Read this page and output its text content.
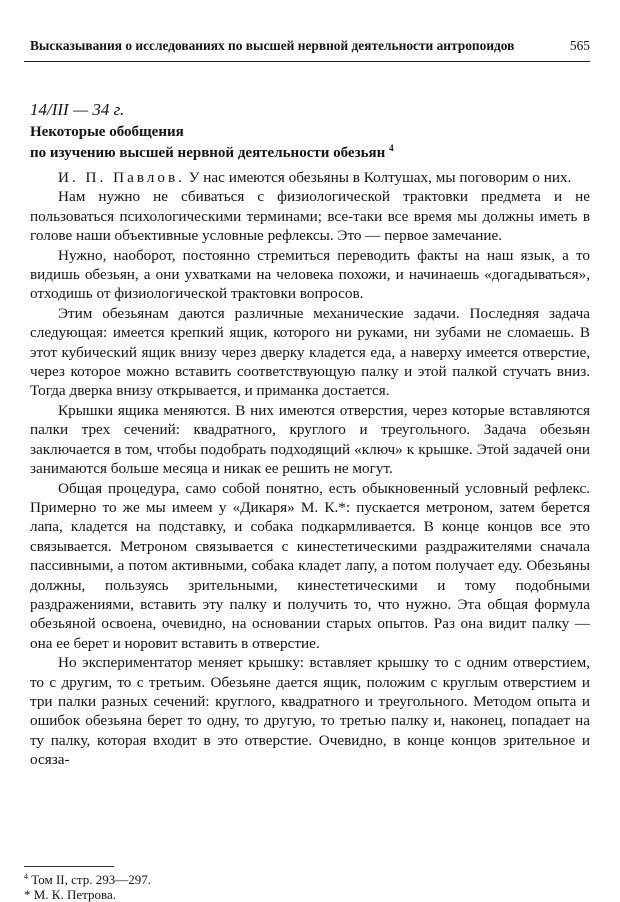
Высказывания о исследованиях по высшей нервной деятельности антропоидов	565
14/III — 34 г.
Некоторые обобщения
по изучению высшей нервной деятельности обезьян $^4$

И. П. Павлов. У нас имеются обезьяны в Колтушах, мы поговорим о них.

Нам нужно не сбиваться с физиологической трактовки предмета и не пользоваться психологическими терминами; все-таки все время мы должны иметь в голове наши объективные условные рефлексы. Это — первое замечание.

Нужно, наоборот, постоянно стремиться переводить факты на наш язык, а то видишь обезьян, а они ухватками на человека похожи, и начинаешь «догадываться», отходишь от физиологической трактовки вопросов.

Этим обезьянам даются различные механические задачи. Последняя задача следующая: имеется крепкий ящик, которого ни руками, ни зубами не сломаешь. В этот кубический ящик внизу через дверку кладется еда, а наверху имеется отверстие, через которое можно вставить соответствующую палку и этой палкой стучать вниз. Тогда дверка внизу открывается, и приманка достается.

Крышки ящика меняются. В них имеются отверстия, через которые вставляются палки трех сечений: квадратного, круглого и треугольного. Задача обезьян заключается в том, чтобы подобрать подходящий «ключ» к крышке. Этой задачей они занимаются больше месяца и никак ее решить не могут.

Общая процедура, само собой понятно, есть обыкновенный условный рефлекс. Примерно то же мы имеем у «Дикаря» М. К.*: пускается метроном, затем берется лапа, кладется на подставку, и собака подкармливается. В конце концов все это связывается. Метроном связывается с кинестетическими раздражителями сначала пассивными, а потом активными, собака кладет лапу, а потом получает еду. Обезьяны должны, пользуясь зрительными, кинестетическими и тому подобными раздражениями, вставить эту палку и получить то, что нужно. Эта общая формула обезьяной освоена, очевидно, на основании старых опытов. Раз она видит палку — она ее берет и норовит вставить в отверстие.

Но экспериментатор меняет крышку: вставляет крышку то с одним отверстием, то с другим, то с третьим. Обезьяне дается ящик, положим с круглым отверстием и три палки разных сечений: круглого, квадратного и треугольного. Методом опыта и ошибок обезьяна берет то одну, то другую, то третью палку и, наконец, попадает на ту палку, которая входит в это отверстие. Очевидно, в конце концов зрительное и осяза-

$^4$ Том II, стр. 293—297.
* М. К. Петрова.
